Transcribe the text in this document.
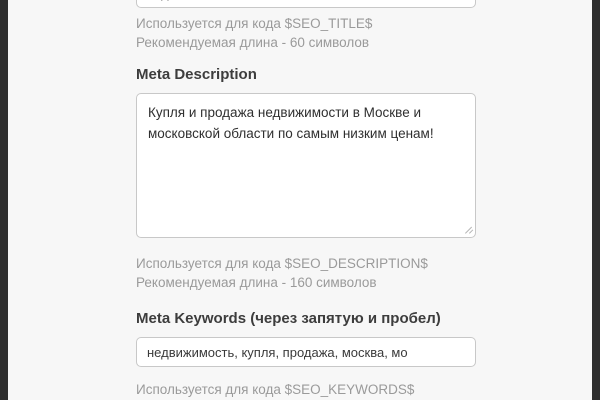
недвижимость в Москве и области
Используется для кода $SEO_TITLE$
Рекомендуемая длина - 60 символов
Meta Description
Купля и продажа недвижимости в Москве и московской области по самым низким ценам!
Используется для кода $SEO_DESCRIPTION$
Рекомендуемая длина - 160 символов
Meta Keywords (через запятую и пробел)
недвижимость, купля, продажа, москва, мо
Используется для кода $SEO_KEYWORDS$
